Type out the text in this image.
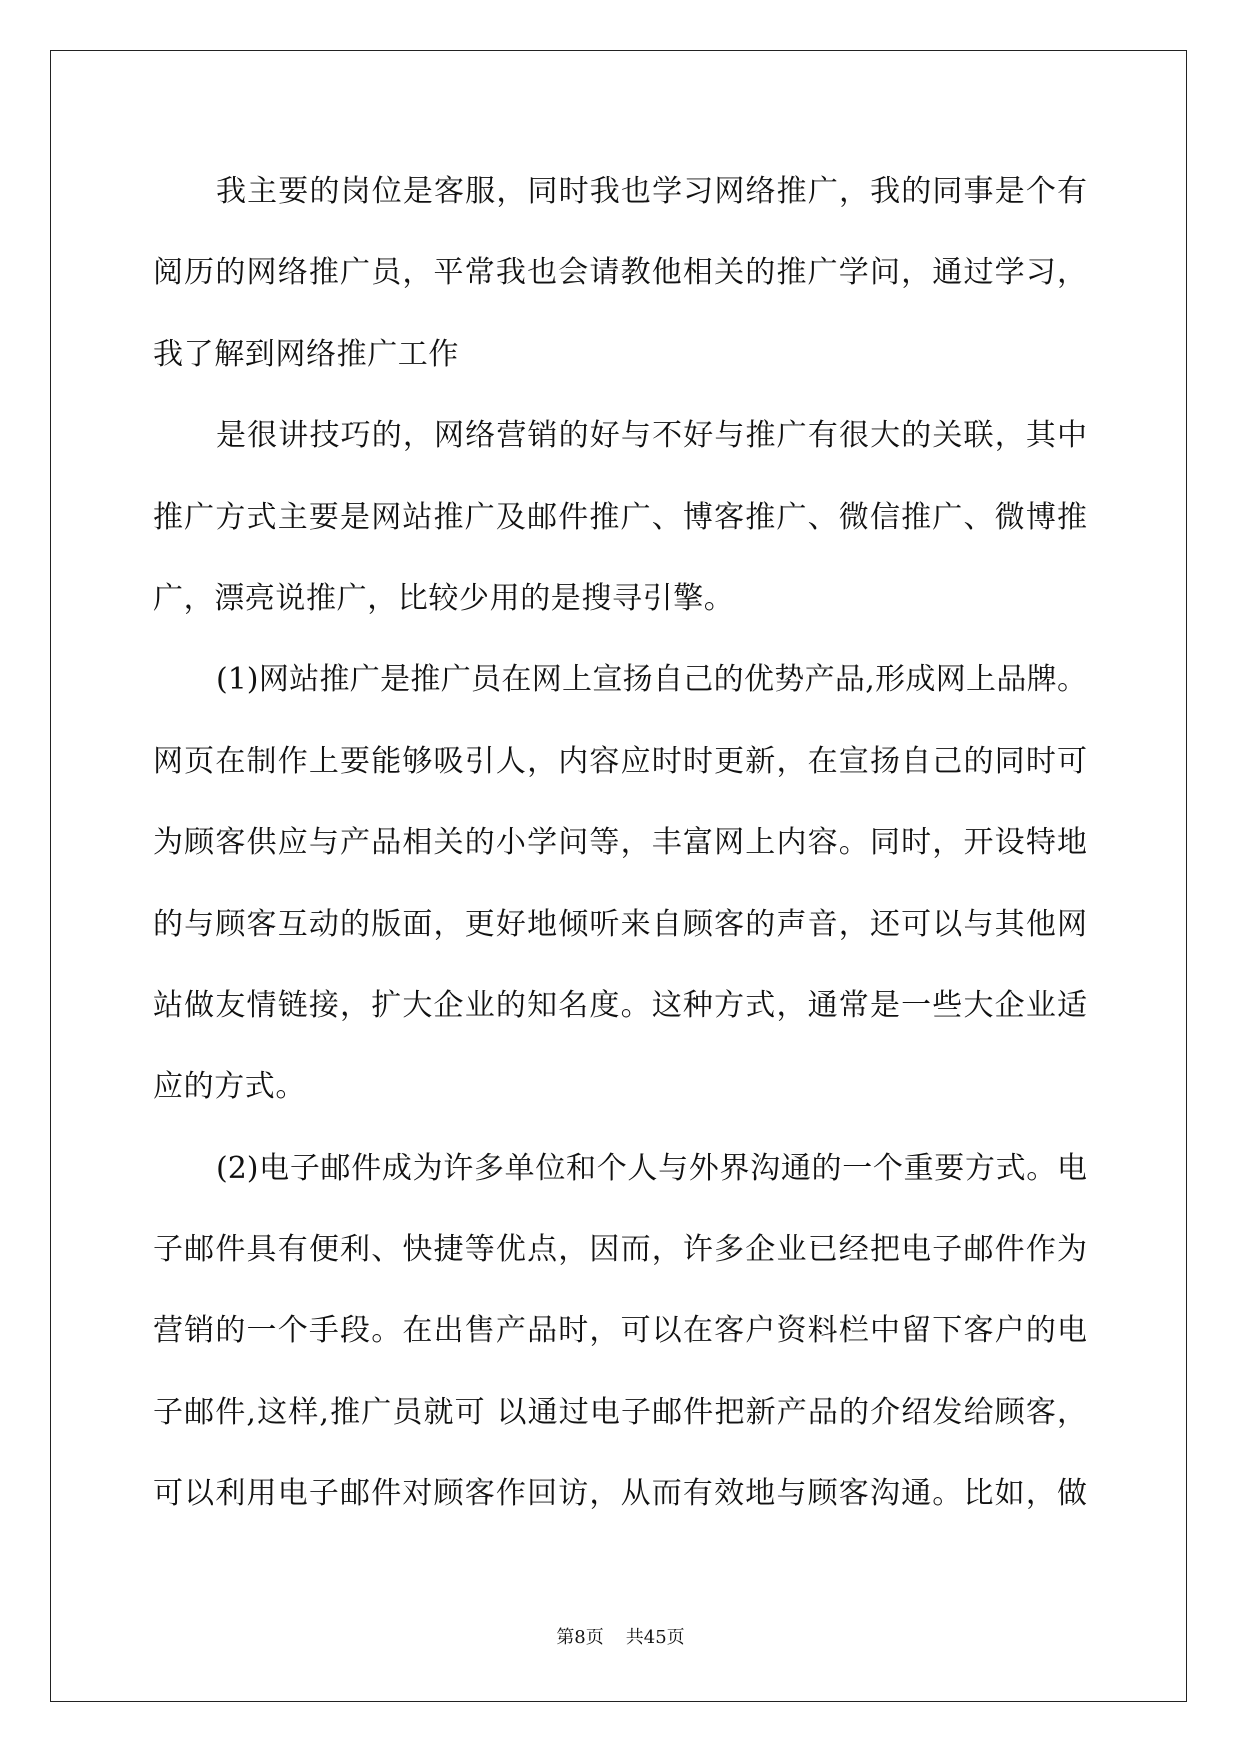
我主要的岗位是客服，同时我也学习网络推广，我的同事是个有
阅历的网络推广员，平常我也会请教他相关的推广学问，通过学习，
我了解到网络推广工作
是很讲技巧的，网络营销的好与不好与推广有很大的关联，其中
推广方式主要是网站推广及邮件推广、博客推广、微信推广、微博推
广，漂亮说推广，比较少用的是搜寻引擎。
(1)网站推广是推广员在网上宣扬自己的优势产品,形成网上品牌。
网页在制作上要能够吸引人，内容应时时更新，在宣扬自己的同时可
为顾客供应与产品相关的小学问等，丰富网上内容。同时，开设特地
的与顾客互动的版面，更好地倾听来自顾客的声音，还可以与其他网
站做友情链接，扩大企业的知名度。这种方式，通常是一些大企业适
应的方式。
(2)电子邮件成为许多单位和个人与外界沟通的一个重要方式。电
子邮件具有便利、快捷等优点，因而，许多企业已经把电子邮件作为
营销的一个手段。在出售产品时，可以在客户资料栏中留下客户的电
子邮件,这样,推广员就可 以通过电子邮件把新产品的介绍发给顾客，
可以利用电子邮件对顾客作回访，从而有效地与顾客沟通。比如，做
第8页 共45页
